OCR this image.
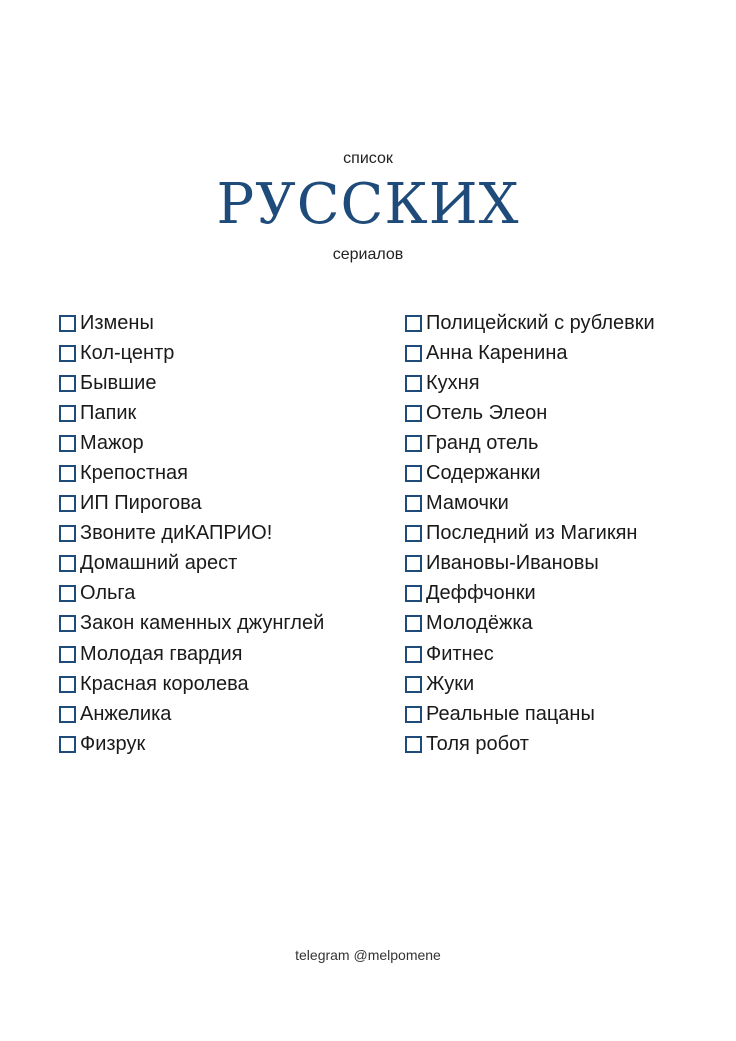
список
РУССКИХ
сериалов
Измены
Кол-центр
Бывшие
Папик
Мажор
Крепостная
ИП Пирогова
Звоните диКАПРИО!
Домашний арест
Ольга
Закон каменных джунглей
Молодая гвардия
Красная королева
Анжелика
Физрук
Полицейский с рублевки
Анна Каренина
Кухня
Отель Элеон
Гранд отель
Содержанки
Мамочки
Последний из Магикян
Ивановы-Ивановы
Деффчонки
Молодёжка
Фитнес
Жуки
Реальные пацаны
Толя робот
telegram @melpomene
